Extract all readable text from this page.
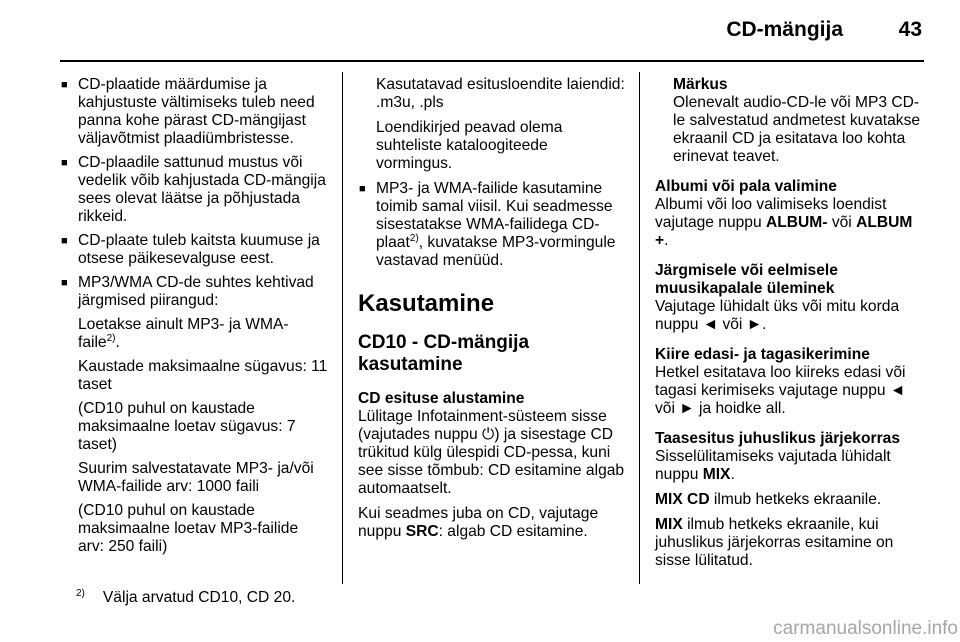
CD-mängija	43
■ CD-plaatide määrdumise ja kahjustuste vältimiseks tuleb need panna kohe pärast CD-mängijast väljavõtmist plaadiümbristesse.
■ CD-plaadile sattunud mustus või vedelik võib kahjustada CD-mängija sees olevat läätse ja põhjustada rikkeid.
■ CD-plaate tuleb kaitsta kuumuse ja otsese päikesevalguse eest.

■ MP3/WMA CD-de suhtes kehtivad järgmised piirangud:

Loetakse ainult MP3- ja WMA-faile$^{2)}$.

Kaustade maksimaalne sügavus: 11 taset

(CD10 puhul on kaustade maksimaalne loetav sügavus: 7 taset)

Suurim salvestatavate MP3- ja/või WMA-failide arv: 1000 faili

(CD10 puhul on kaustade maksimaalne loetav MP3-failide arv: 250 faili)

Kasutatavad esitusloendite laiendid: .m3u, .pls

Loendikirjed peavad olema suhteliste kataloogiteede vormingus.

■ MP3- ja WMA-failide kasutamine toimib samal viisil. Kui seadmesse sisestatakse WMA-failidega CD-plaat$^{2)}$, kuvatakse MP3-vormingule vastavad menüüd.
Kasutamine
CD10 - CD-mängija kasutamine
CD esituse alustamine

Lülitage Infotainment-süsteem sisse (vajutades nuppu ⏻) ja sisestage CD trükitud külg ülespidi CD-pessa, kuni see sisse tõmbub: CD esitamine algab automaatselt.

Kui seadmes juba on CD, vajutage nuppu SRC: algab CD esitamine.

Märkus
Olenevalt audio-CD-le või MP3 CD-le salvestatud andmetest kuvatakse ekraanil CD ja esitatava loo kohta erinevat teavet.
Albumi või pala valimine
Albumi või loo valimiseks loendist vajutage nuppu ALBUM- või ALBUM +.
Järgmisele või eelmisele muusikapalale üleminek
Vajutage lühidalt üks või mitu korda nuppu ◄ või ►.
Kiire edasi- ja tagasikerimine
Hetkel esitatava loo kiireks edasi või tagasi kerimiseks vajutage nuppu ◄ või ► ja hoidke all.
Taasesitus juhuslikus järjekorras

Sisselülitamiseks vajutada lühidalt nuppu MIX.

MIX CD ilmub hetkeks ekraanile.

MIX ilmub hetkeks ekraanile, kui juhuslikus järjekorras esitamine on sisse lülitatud.

$^{2)}$ Välja arvatud CD10, CD 20.
carmanualsonline.info
